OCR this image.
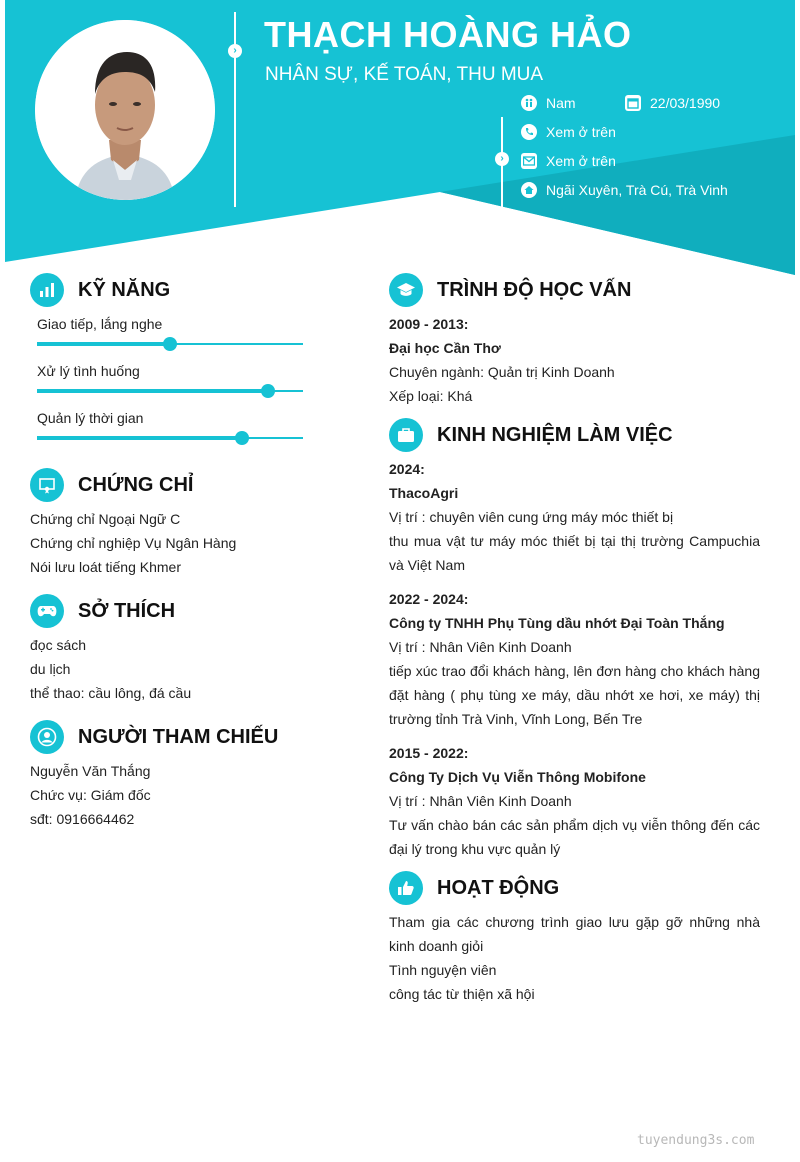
› THẠCH HOÀNG HẢO
NHÂN SỰ, KẾ TOÁN, THU MUA
›
Nam	22/03/1990
Xem ở trên
Xem ở trên
Ngãi Xuyên, Trà Cú, Trà Vinh
KỸ NĂNG
Giao tiếp, lắng nghe
Xử lý tình huống
Quản lý thời gian
CHỨNG CHỈ
Chứng chỉ Ngoại Ngữ C
Chứng chỉ nghiệp Vụ Ngân Hàng
Nói lưu loát tiếng Khmer
SỞ THÍCH
đọc sách
du lịch
thể thao: cầu lông, đá cầu
NGƯỜI THAM CHIẾU
Nguyễn Văn Thắng
Chức vụ: Giám đốc
sđt: 0916664462
TRÌNH ĐỘ HỌC VẤN
2009 - 2013:
Đại học Cần Thơ
Chuyên ngành: Quản trị Kinh Doanh
Xếp loại: Khá
KINH NGHIỆM LÀM VIỆC
2024:
ThacoAgri
Vị trí : chuyên viên cung ứng máy móc thiết bị
thu mua vật tư máy móc thiết bị tại thị trường Campuchia và Việt Nam
2022 - 2024:
Công ty TNHH Phụ Tùng dầu nhớt Đại Toàn Thắng
Vị trí : Nhân Viên Kinh Doanh
tiếp xúc trao đổi khách hàng, lên đơn hàng cho khách hàng đặt hàng ( phụ tùng xe máy, dầu nhớt xe hơi, xe máy) thị trường tỉnh Trà Vinh, Vĩnh Long, Bến Tre
2015 - 2022:
Công Ty Dịch Vụ Viễn Thông Mobifone
Vị trí : Nhân Viên Kinh Doanh
Tư vấn chào bán các sản phẩm dịch vụ viễn thông đến các đại lý trong khu vực quản lý
HOẠT ĐỘNG
Tham gia các chương trình giao lưu gặp gỡ những nhà kinh doanh giỏi
Tình nguyện viên
công tác từ thiện xã hội
tuyendung3s.com
